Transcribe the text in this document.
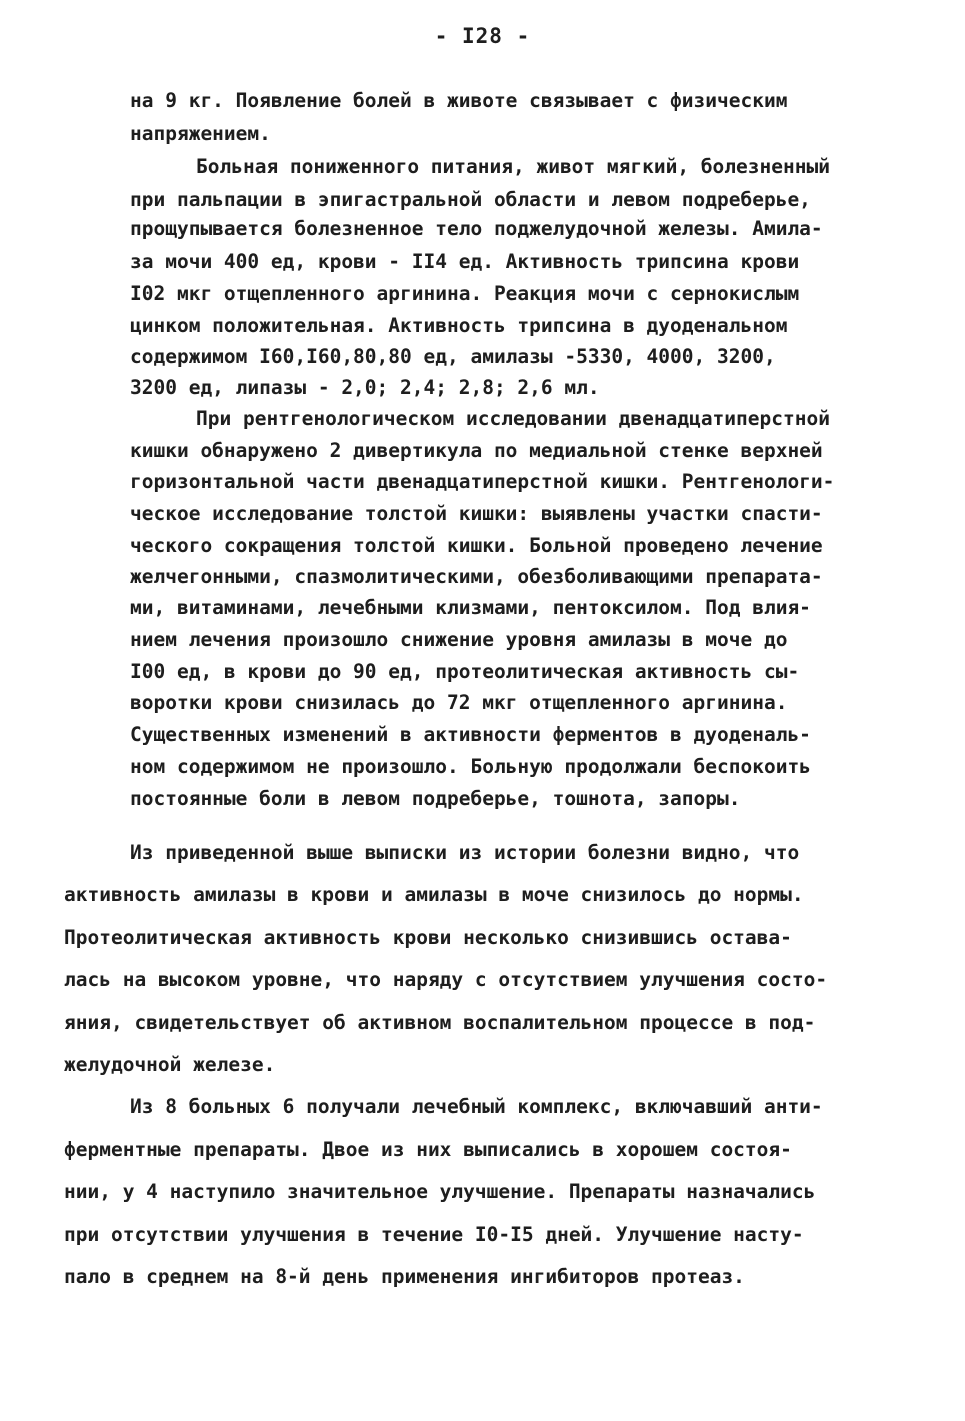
- I28 -
на 9 кг. Появление болей в животе связывает с физическим
напряжением.
Больная пониженного питания, живот мягкий, болезненный
при пальпации в эпигастральной области и левом подреберье,
прощупывается болезненное тело поджелудочной железы. Амила-
за мочи 400 ед, крови - II4 ед. Активность трипсина крови
I02 мкг отщепленного аргинина. Реакция мочи с сернокислым
цинком положительная. Активность трипсина в дуоденальном
содержимом I60,I60,80,80 ед, амилазы -5330, 4000, 3200,
3200 ед, липазы - 2,0; 2,4; 2,8; 2,6 мл.
При рентгенологическом исследовании двенадцатиперстной
кишки обнаружено 2 дивертикула по медиальной стенке верхней
горизонтальной части двенадцатиперстной кишки. Рентгенологи-
ческое исследование толстой кишки: выявлены участки спасти-
ческого сокращения толстой кишки. Больной проведено лечение
желчегонными, спазмолитическими, обезболивающими препарата-
ми, витаминами, лечебными клизмами, пентоксилом. Под влия-
нием лечения произошло снижение уровня амилазы в моче до
I00 ед, в крови до 90 ед, протеолитическая активность сы-
воротки крови снизилась до 72 мкг отщепленного аргинина.
Существенных изменений в активности ферментов в дуоденаль-
ном содержимом не произошло. Больную продолжали беспокоить
постоянные боли в левом подреберье, тошнота, запоры.
Из приведенной выше выписки из истории болезни видно, что
активность амилазы в крови и амилазы в моче снизилось до нормы.
Протеолитическая активность крови несколько снизившись остава-
лась на высоком уровне, что наряду с отсутствием улучшения состо-
яния, свидетельствует об активном воспалительном процессе в под-
желудочной железе.
Из 8 больных 6 получали лечебный комплекс, включавший анти-
ферментные препараты. Двое из них выписались в хорошем состоя-
нии, у 4 наступило значительное улучшение. Препараты назначались
при отсутствии улучшения в течение I0-I5 дней. Улучшение насту-
пало в среднем на 8-й день применения ингибиторов протеаз.
